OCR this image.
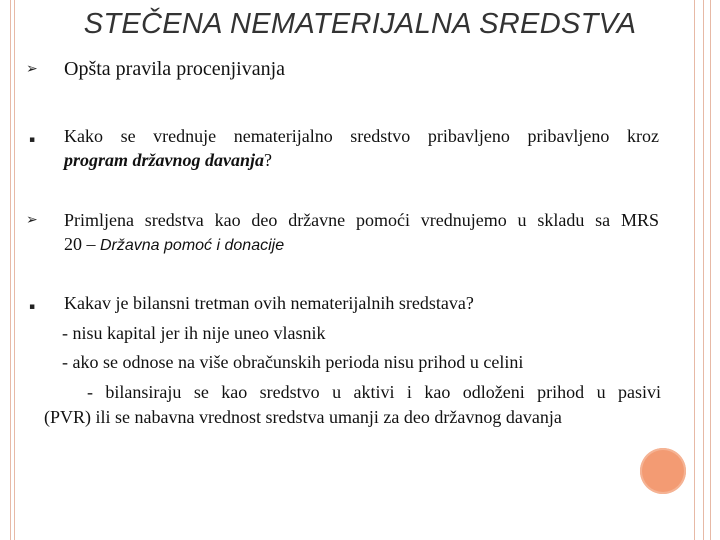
STEČENA NEMATERIJALNA SREDSTVA
➢ Opšta pravila procenjivanja
▪ Kako se vrednuje nematerijalno sredstvo pribavljeno pribavljeno kroz
program državnog davanja?
➢ Primljena sredstva kao deo državne pomoći vrednujemo u skladu sa MRS
20 – Državna pomoć i donacije
▪ Kakav je bilansni tretman ovih nematerijalnih sredstava?
- nisu kapital jer ih nije uneo vlasnik
- ako se odnose na više obračunskih perioda nisu prihod u celini
- bilansiraju se kao sredstvo u aktivi i kao odloženi prihod u pasivi
(PVR) ili se nabavna vrednost sredstva umanji za deo državnog davanja
